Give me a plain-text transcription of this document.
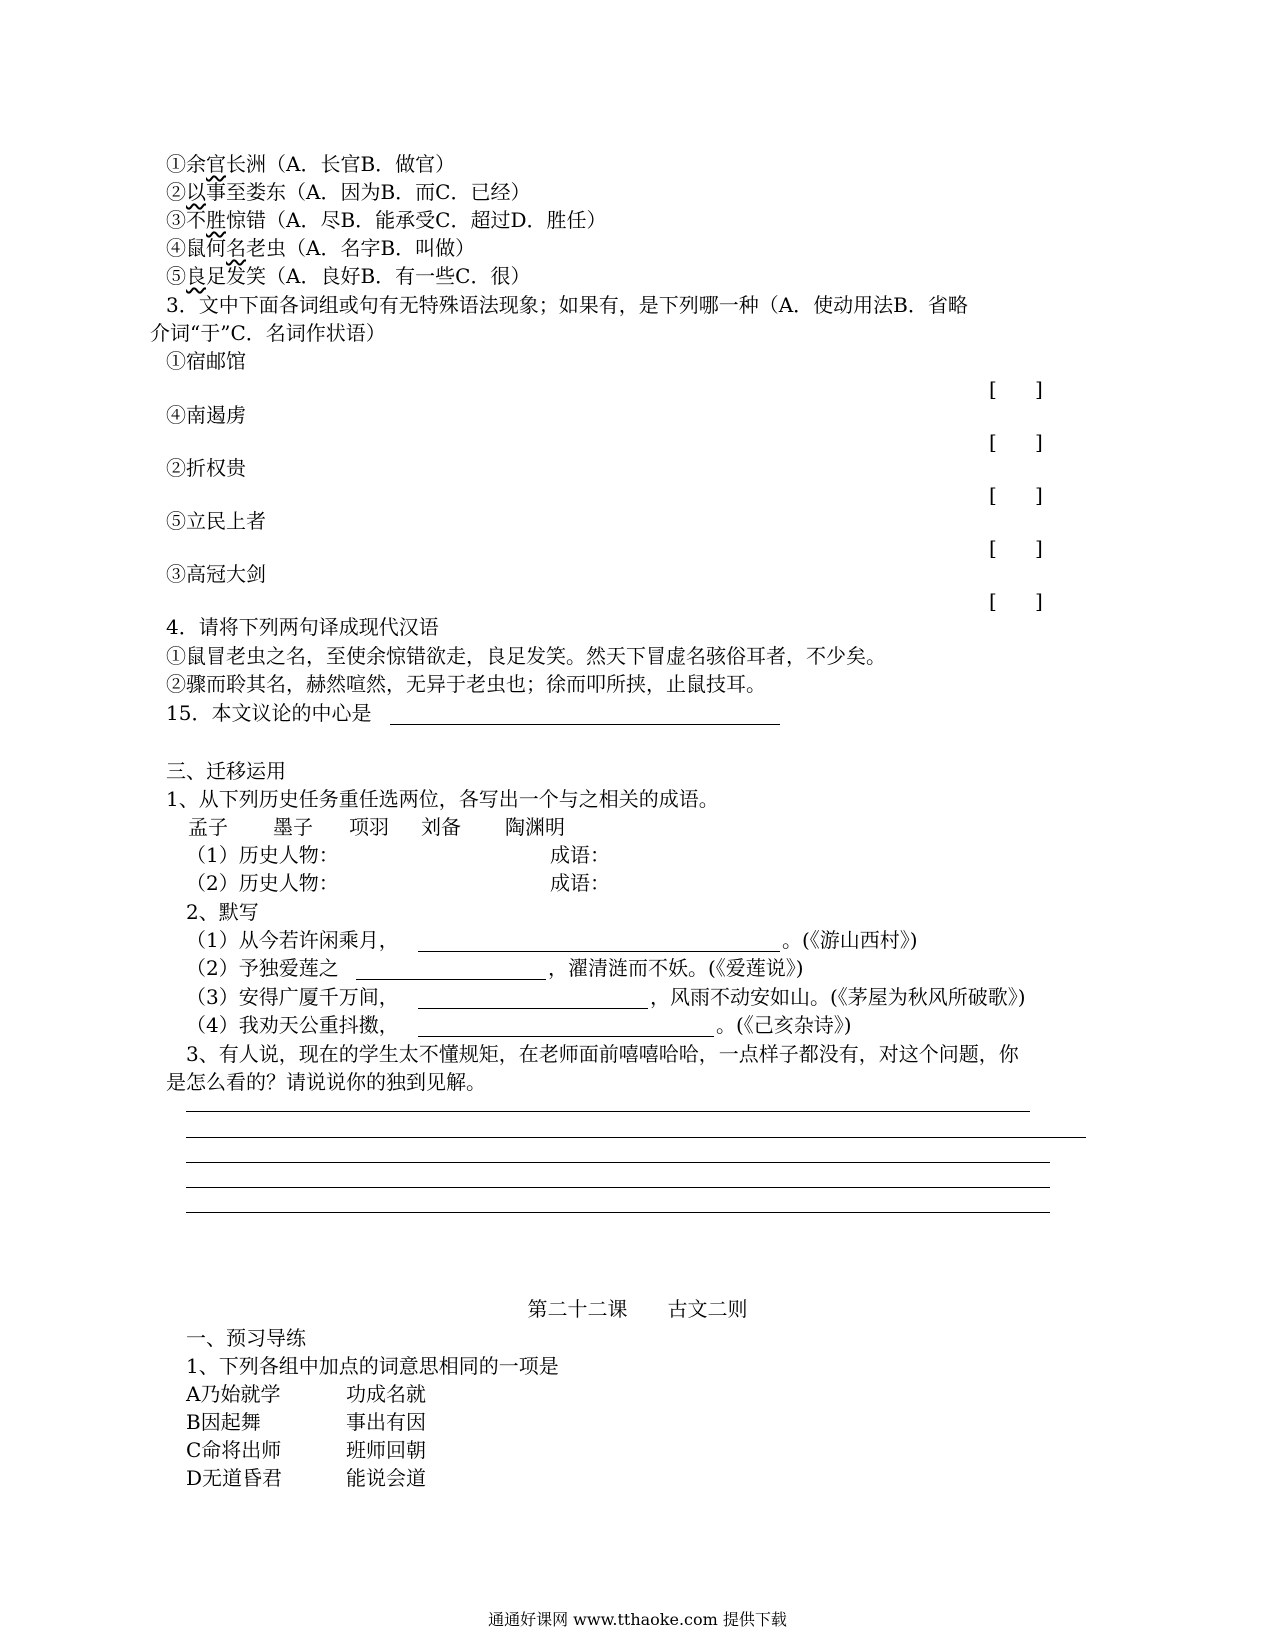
①余官长洲（A．长官B．做官）
②以事至娄东（A．因为B．而C．已经）
③不胜惊错（A．尽B．能承受C．超过D．胜任）
④鼠何名老虫（A．名字B．叫做）
⑤良足发笑（A．良好B．有一些C．很）
3．文中下面各词组或句有无特殊语法现象；如果有，是下列哪一种（A．使动用法B．省略
介词“于”C．名词作状语）
①宿邮馆
[      ]
④南遏虏
[      ]
②折权贵
[      ]
⑤立民上者
[      ]
③高冠大剑
[      ]
4．请将下列两句译成现代汉语
①鼠冒老虫之名，至使余惊错欲走，良足发笑。然天下冒虚名骇俗耳者，不少矣。
②骤而聆其名，赫然喧然，无异于老虫也；徐而叩所挟，止鼠技耳。
15．本文议论的中心是
三、迁移运用
1、从下列历史任务重任选两位，各写出一个与之相关的成语。
孟子 墨子 项羽 刘备 陶渊明
（1）历史人物：	成语：
（2）历史人物：	成语：
2、默写
（1）从今若许闲乘月，	。(《游山西村》)
（2）予独爱莲之	，濯清涟而不妖。(《爱莲说》)
（3）安得广厦千万间，	，风雨不动安如山。(《茅屋为秋风所破歌》)
（4）我劝天公重抖擞，	。(《己亥杂诗》)
3、有人说，现在的学生太不懂规矩，在老师面前嘻嘻哈哈，一点样子都没有，对这个问题，你
是怎么看的？请说说你的独到见解。
第二十二课　　古文二则
一、预习导练
1、下列各组中加点的词意思相同的一项是
A乃始就学	功成名就
B因起舞	事出有因
C命将出师	班师回朝
D无道昏君	能说会道
通通好课网 www.tthaoke.com 提供下载
